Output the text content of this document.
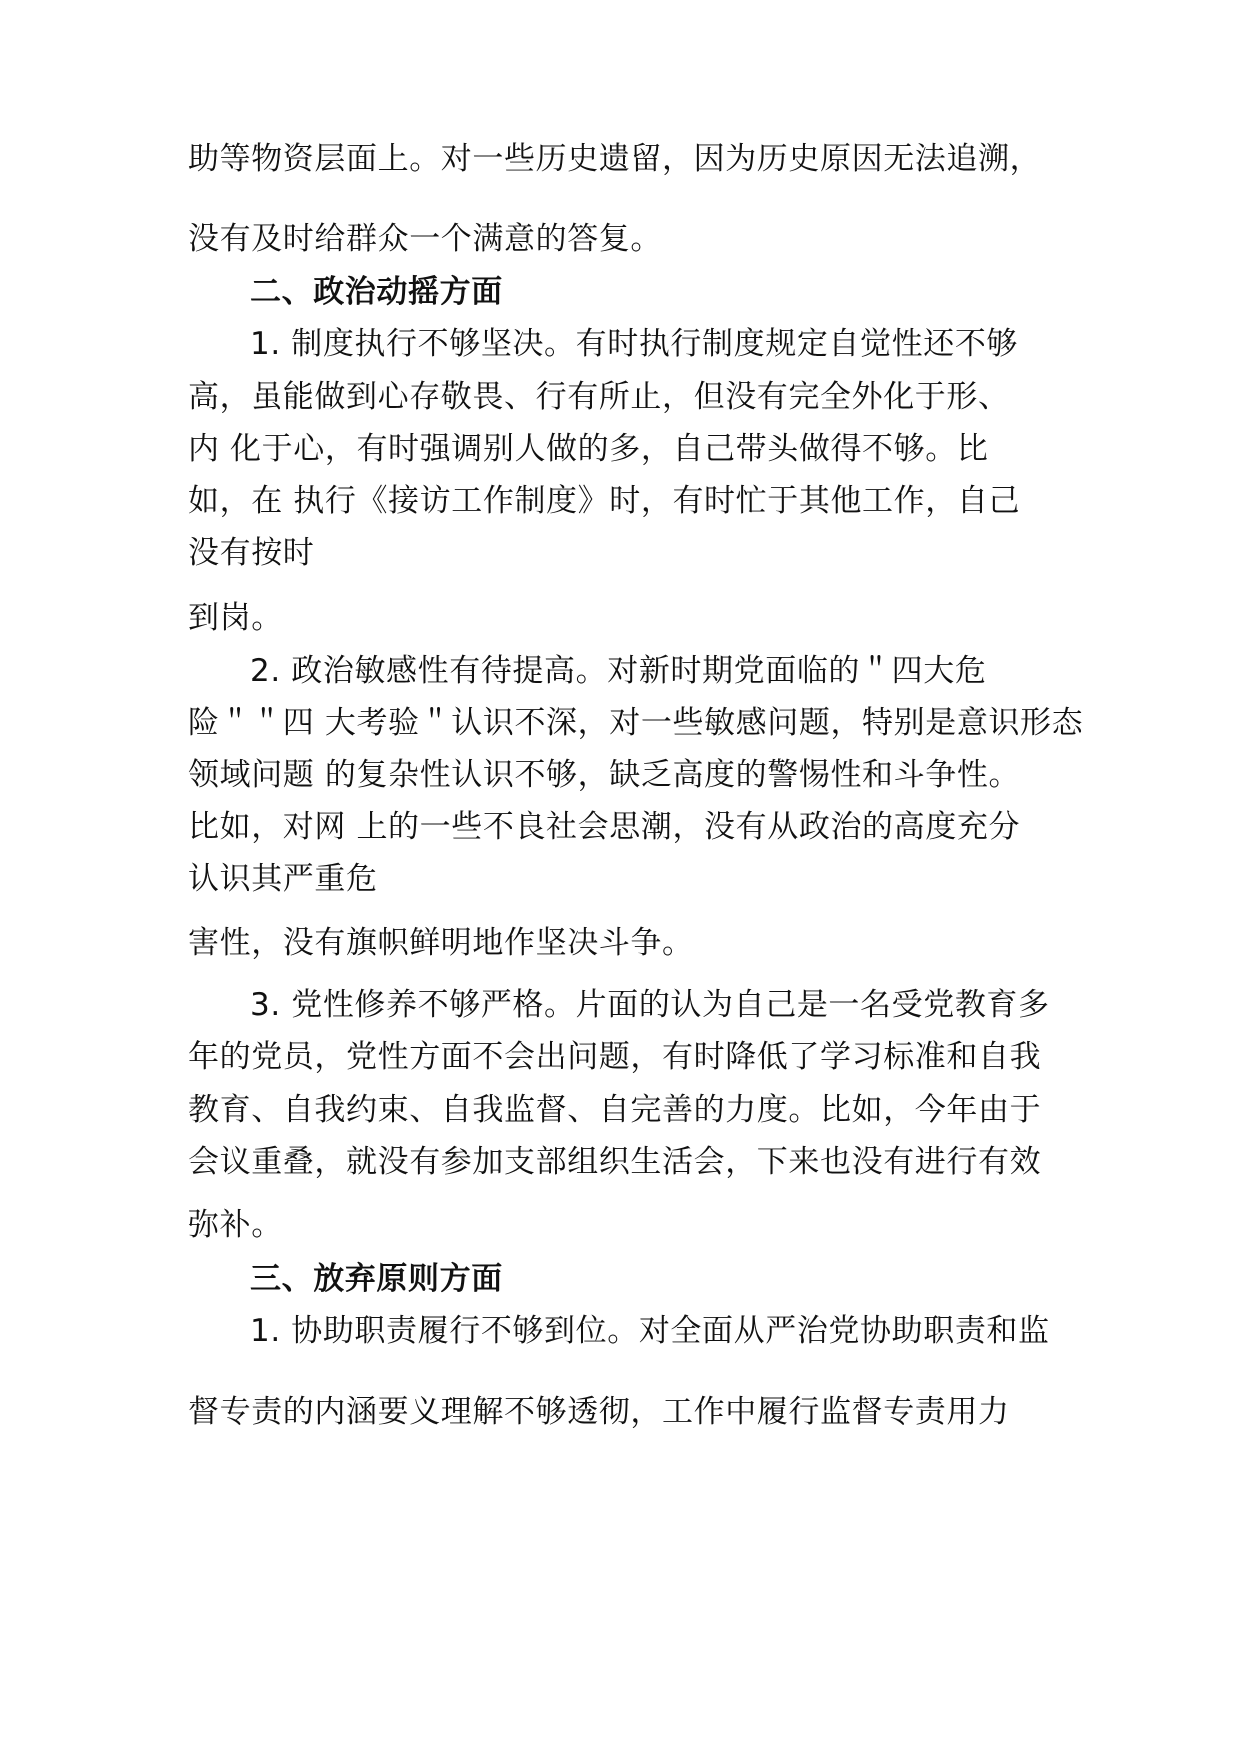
助等物资层面上。对一些历史遗留，因为历史原因无法追溯，

没有及时给群众一个满意的答复。

二、政治动摇方面

1. 制度执行不够坚决。有时执行制度规定自觉性还不够

高，虽能做到心存敬畏、行有所止，但没有完全外化于形、

内 化于心，有时强调别人做的多，自己带头做得不够。比

如，在 执行《接访工作制度》时，有时忙于其他工作，自己

没有按时

到岗。

2. 政治敏感性有待提高。对新时期党面临的＂四大危

险＂＂四 大考验＂认识不深，对一些敏感问题，特别是意识形态

领域问题 的复杂性认识不够，缺乏高度的警惕性和斗争性。

比如，对网 上的一些不良社会思潮，没有从政治的高度充分

认识其严重危

害性，没有旗帜鲜明地作坚决斗争。

3. 党性修养不够严格。片面的认为自己是一名受党教育多

年的党员，党性方面不会出问题，有时降低了学习标准和自我

教育、自我约束、自我监督、自完善的力度。比如，今年由于

会议重叠，就没有参加支部组织生活会，下来也没有进行有效

弥补。

三、放弃原则方面

1. 协助职责履行不够到位。对全面从严治党协助职责和监

督专责的内涵要义理解不够透彻，工作中履行监督专责用力
